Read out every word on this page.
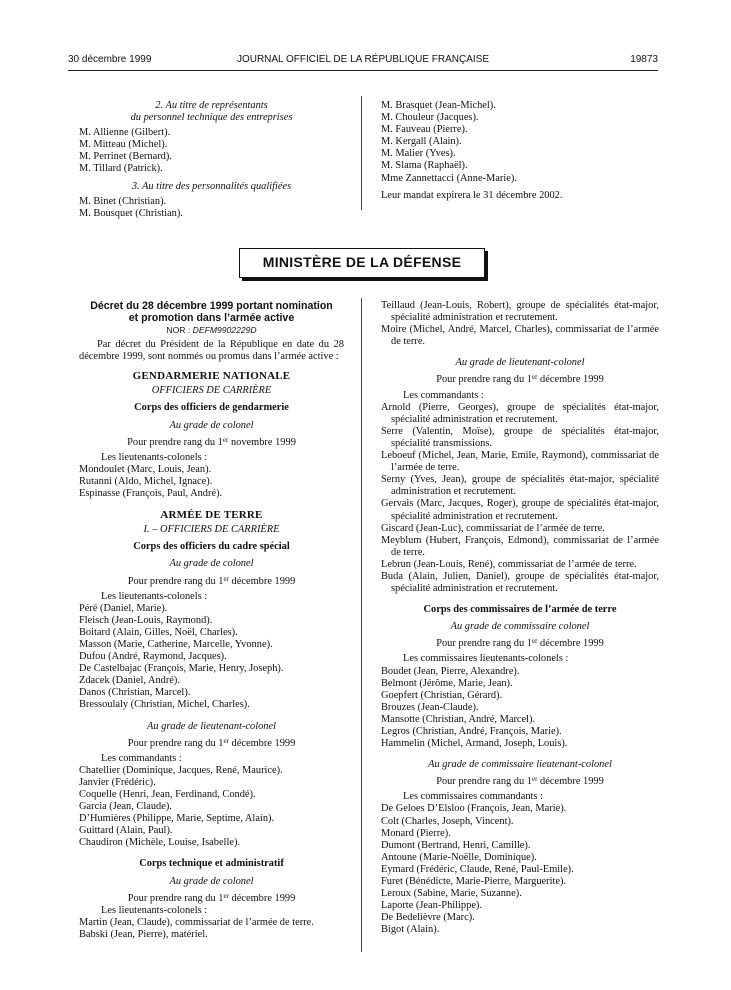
30 décembre 1999	JOURNAL OFFICIEL DE LA RÉPUBLIQUE FRANÇAISE	19873
2. Au titre de représentants
du personnel technique des entreprises
M. Allienne (Gilbert).
M. Mitteau (Michel).
M. Perrinet (Bernard).
M. Tillard (Patrick).
3. Au titre des personnalités qualifiées
M. Binet (Christian).
M. Bousquet (Christian).
M. Brasquet (Jean-Michel).
M. Chouleur (Jacques).
M. Fauveau (Pierre).
M. Kergall (Alain).
M. Malier (Yves).
M. Slama (Raphaël).
Mme Zannettacci (Anne-Marie).
Leur mandat expirera le 31 décembre 2002.
MINISTÈRE DE LA DÉFENSE
Décret du 28 décembre 1999 portant nomination
et promotion dans l’armée active
NOR : DEFM9902229D
Par décret du Président de la République en date du 28 décembre 1999, sont nommés ou promus dans l’armée active :
GENDARMERIE NATIONALE
OFFICIERS DE CARRIÈRE
Corps des officiers de gendarmerie
Au grade de colonel
Pour prendre rang du 1er novembre 1999
Les lieutenants-colonels :
Mondoulet (Marc, Louis, Jean).
Rutanni (Aldo, Michel, Ignace).
Espinasse (François, Paul, André).
ARMÉE DE TERRE
I. – OFFICIERS DE CARRIÈRE
Corps des officiers du cadre spécial
Au grade de colonel
Pour prendre rang du 1er décembre 1999
Les lieutenants-colonels :
Péré (Daniel, Marie).
Fleisch (Jean-Louis, Raymond).
Boitard (Alain, Gilles, Noël, Charles).
Masson (Marie, Catherine, Marcelle, Yvonne).
Dufou (André, Raymond, Jacques).
De Castelbajac (François, Marie, Henry, Joseph).
Zdacek (Daniel, André).
Danos (Christian, Marcel).
Bressoulaly (Christian, Michel, Charles).
Au grade de lieutenant-colonel
Pour prendre rang du 1er décembre 1999
Les commandants :
Chatellier (Dominique, Jacques, René, Maurice).
Janvier (Frédéric).
Coquelle (Henri, Jean, Ferdinand, Condé).
Garcia (Jean, Claude).
D’Humières (Philippe, Marie, Septime, Alain).
Guittard (Alain, Paul).
Chaudiron (Michèle, Louise, Isabelle).
Corps technique et administratif
Au grade de colonel
Pour prendre rang du 1er décembre 1999
Les lieutenants-colonels :
Martin (Jean, Claude), commissariat de l’armée de terre.
Babski (Jean, Pierre), matériel.
Teillaud (Jean-Louis, Robert), groupe de spécialités état-major, spécialité administration et recrutement.
Moire (Michel, André, Marcel, Charles), commissariat de l’armée de terre.
Au grade de lieutenant-colonel
Pour prendre rang du 1er décembre 1999
Les commandants :
Arnold (Pierre, Georges), groupe de spécialités état-major, spécialité administration et recrutement.
Serre (Valentin, Moïse), groupe de spécialités état-major, spécialité transmissions.
Leboeuf (Michel, Jean, Marie, Emile, Raymond), commissariat de l’armée de terre.
Serny (Yves, Jean), groupe de spécialités état-major, spécialité administration et recrutement.
Gervais (Marc, Jacques, Roger), groupe de spécialités état-major, spécialité administration et recrutement.
Giscard (Jean-Luc), commissariat de l’armée de terre.
Meyblum (Hubert, François, Edmond), commissariat de l’armée de terre.
Lebrun (Jean-Louis, René), commissariat de l’armée de terre.
Buda (Alain, Julien, Daniel), groupe de spécialités état-major, spécialité administration et recrutement.
Corps des commissaires de l’armée de terre
Au grade de commissaire colonel
Pour prendre rang du 1er décembre 1999
Les commissaires lieutenants-colonels :
Boudet (Jean, Pierre, Alexandre).
Belmont (Jérôme, Marie, Jean).
Goepfert (Christian, Gérard).
Brouzes (Jean-Claude).
Mansotte (Christian, André, Marcel).
Legros (Christian, André, François, Marie).
Hammelin (Michel, Armand, Joseph, Louis).
Au grade de commissaire lieutenant-colonel
Pour prendre rang du 1er décembre 1999
Les commissaires commandants :
De Geloes D’Elsloo (François, Jean, Marie).
Colt (Charles, Joseph, Vincent).
Monard (Pierre).
Dumont (Bertrand, Henri, Camille).
Antoune (Marie-Noëlle, Dominique).
Eymard (Frédéric, Claude, René, Paul-Emile).
Furet (Bénédicte, Marie-Pierre, Marguerite).
Leroux (Sabine, Marie, Suzanne).
Laporte (Jean-Philippe).
De Bedelièvre (Marc).
Bigot (Alain).
